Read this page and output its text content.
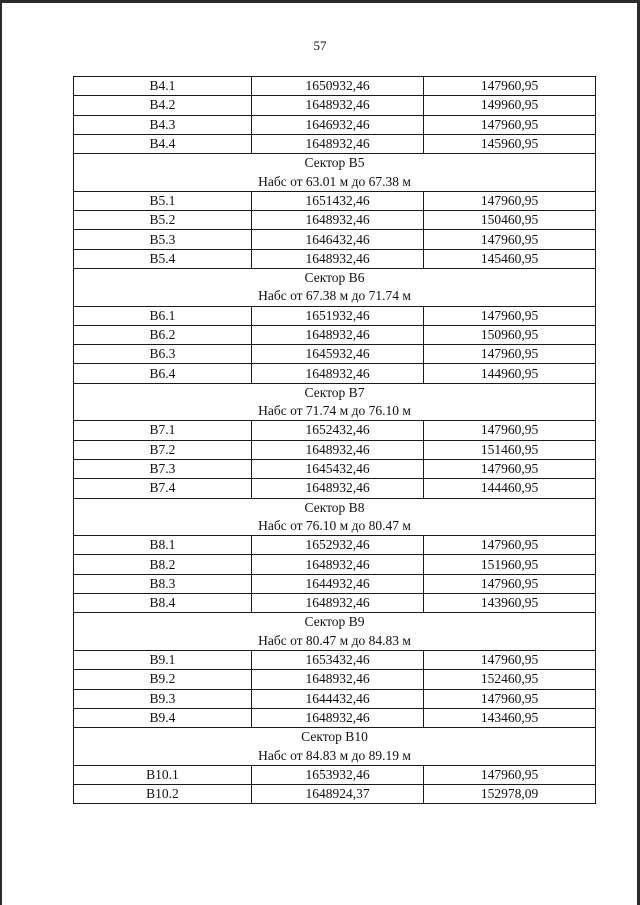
57
В4.1	1650932,46	147960,95
В4.2	1648932,46	149960,95
В4.3	1646932,46	147960,95
В4.4	1648932,46	145960,95
Сектор В5		
Набс от 63.01 м до 67.38 м		
В5.1	1651432,46	147960,95
В5.2	1648932,46	150460,95
В5.3	1646432,46	147960,95
В5.4	1648932,46	145460,95
Сектор В6		
Набс от 67.38 м до 71.74 м		
В6.1	1651932,46	147960,95
В6.2	1648932,46	150960,95
В6.3	1645932,46	147960,95
В6.4	1648932,46	144960,95
Сектор В7		
Набс от 71.74 м до 76.10 м		
В7.1	1652432,46	147960,95
В7.2	1648932,46	151460,95
В7.3	1645432,46	147960,95
В7.4	1648932,46	144460,95
Сектор В8		
Набс от 76.10 м до 80.47 м		
В8.1	1652932,46	147960,95
В8.2	1648932,46	151960,95
В8.3	1644932,46	147960,95
В8.4	1648932,46	143960,95
Сектор В9		
Набс от 80.47 м до 84.83 м		
В9.1	1653432,46	147960,95
В9.2	1648932,46	152460,95
В9.3	1644432,46	147960,95
В9.4	1648932,46	143460,95
Сектор В10		
Набс от 84.83 м до 89.19 м		
В10.1	1653932,46	147960,95
В10.2	1648924,37	152978,09
